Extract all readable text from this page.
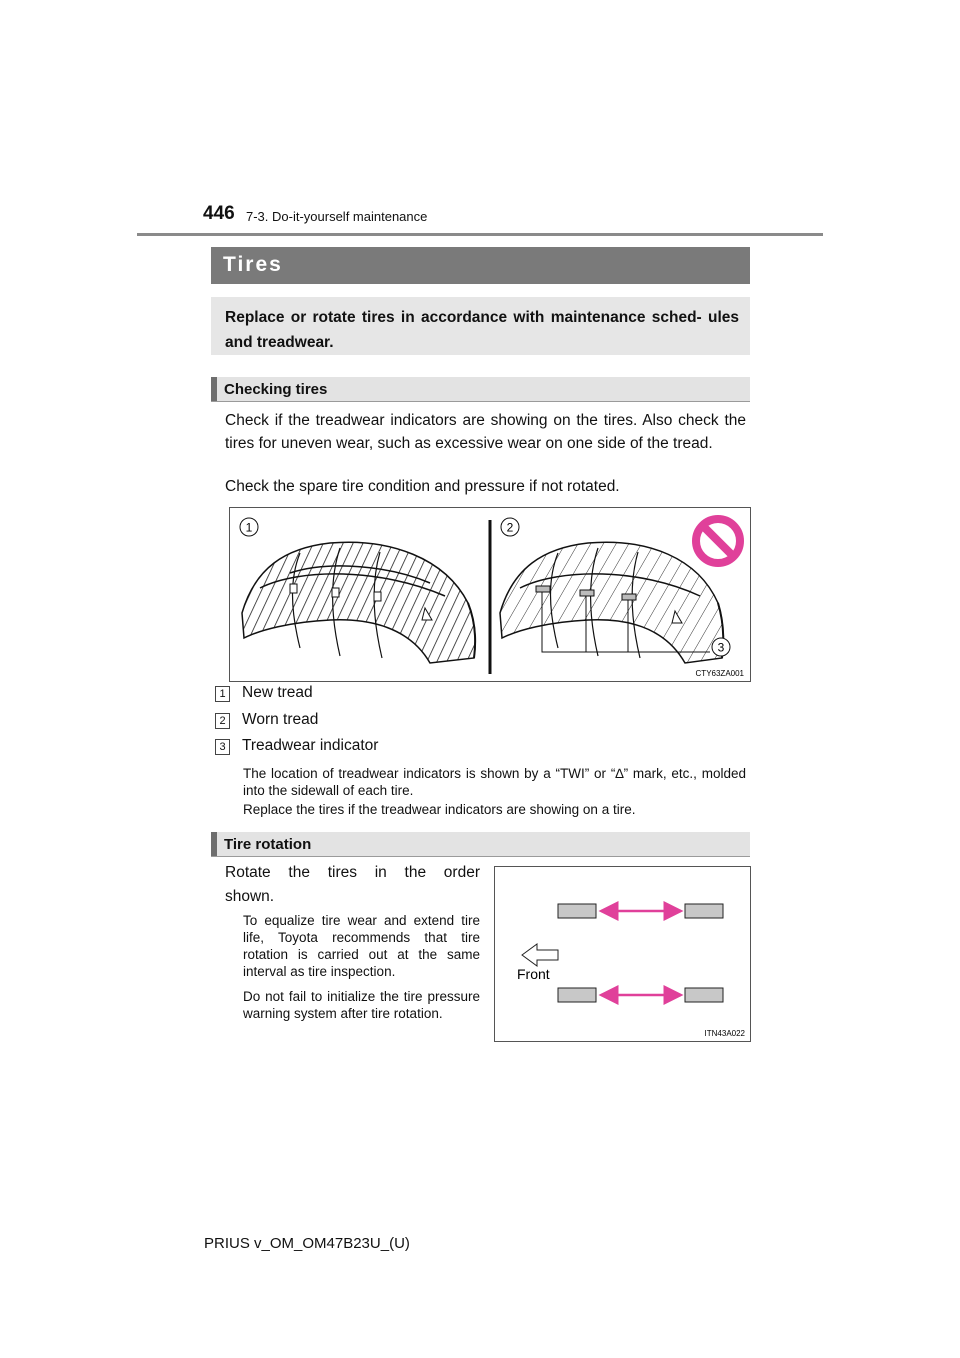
446 7-3. Do-it-yourself maintenance
Tires
Replace or rotate tires in accordance with maintenance sched- ules and treadwear.
Checking tires
Check if the treadwear indicators are showing on the tires. Also check the tires for uneven wear, such as excessive wear on one side of the tread.
Check the spare tire condition and pressure if not rotated.
1	2
3
CTY63ZA001
1 New tread
2 Worn tread
3 Treadwear indicator
The location of treadwear indicators is shown by a “TWI” or “∆” mark, etc., molded into the sidewall of each tire.
Replace the tires if the treadwear indicators are showing on a tire.
Tire rotation
Rotate the tires in the order
shown.
To equalize tire wear and extend tire life, Toyota recommends that tire rotation is carried out at the same interval as tire inspection.
Do not fail to initialize the tire pressure warning system after tire rotation.
Front
ITN43A022
PRIUS v_OM_OM47B23U_(U)
